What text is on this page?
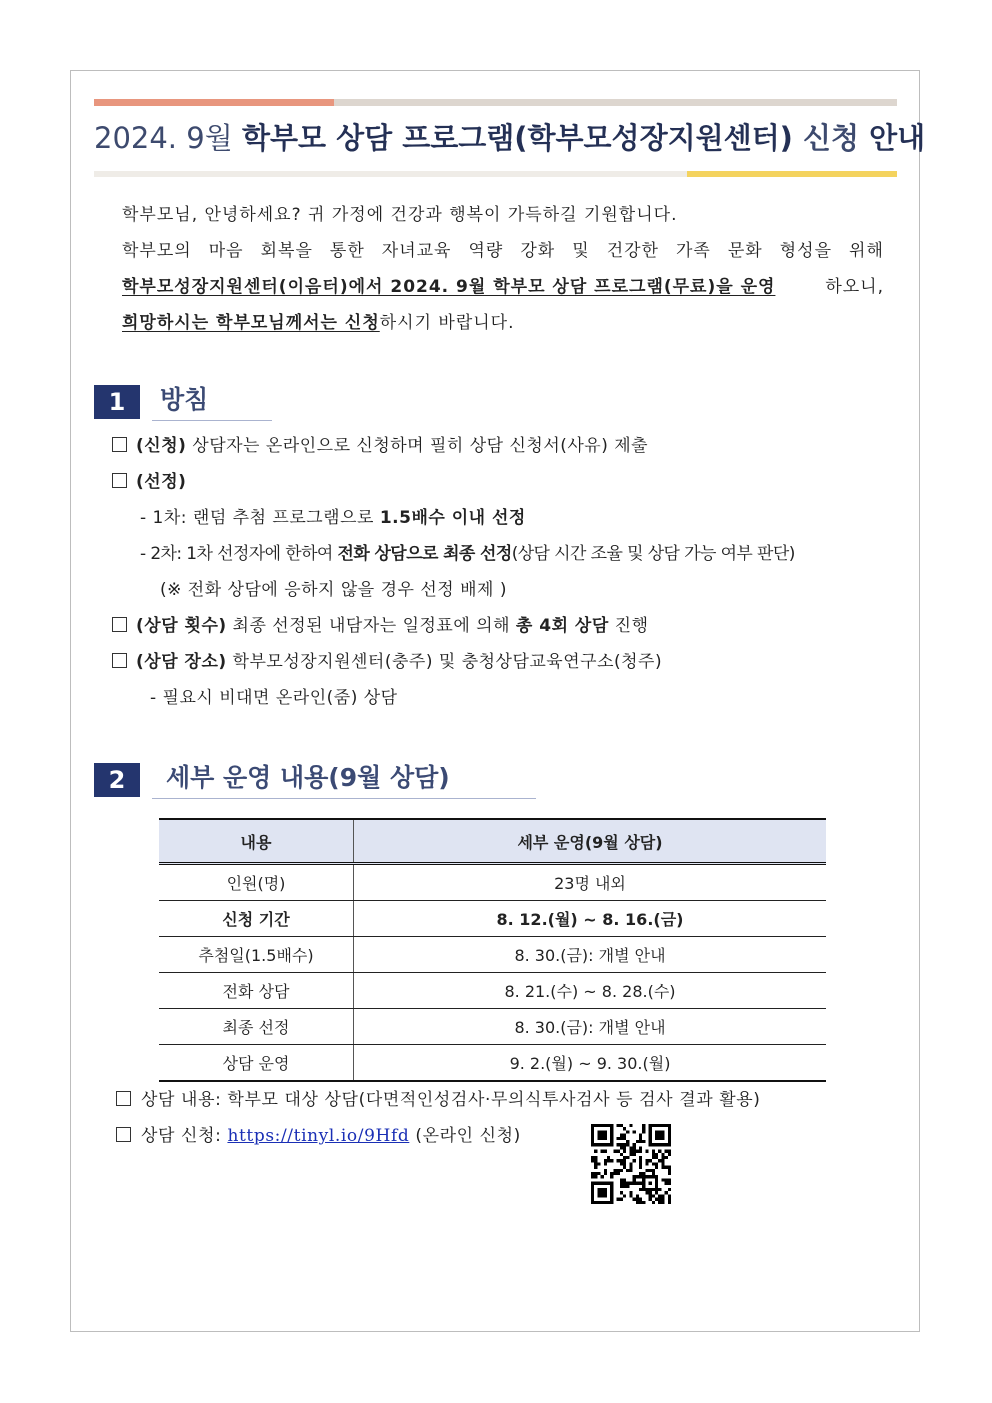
2024. 9월 학부모 상담 프로그램(학부모성장지원센터) 신청 안내
학부모님, 안녕하세요? 귀 가정에 건강과 행복이 가득하길 기원합니다.
학부모의 마음 회복을 통한 자녀교육 역량 강화 및 건강한 가족 문화 형성을 위해
학부모성장지원센터(이음터)에서 2024. 9월 학부모 상담 프로그램(무료)을 운영	하오니,
희망하시는 학부모님께서는 신청하시기 바랍니다.
1	방침
(신청) 상담자는 온라인으로 신청하며 필히 상담 신청서(사유) 제출
(선정)
- 1차: 랜덤 추첨 프로그램으로 1.5배수 이내 선정
- 2차: 1차 선정자에 한하여 전화 상담으로 최종 선정(상담 시간 조율 및 상담 가능 여부 판단)
(※ 전화 상담에 응하지 않을 경우 선정 배제 )
(상담 횟수) 최종 선정된 내담자는 일정표에 의해 총 4회 상담 진행
(상담 장소) 학부모성장지원센터(충주) 및 충청상담교육연구소(청주)
- 필요시 비대면 온라인(줌) 상담
2	세부 운영 내용(9월 상담)
내용	세부 운영(9월 상담)
인원(명)	23명 내외
신청 기간	8. 12.(월) ~ 8. 16.(금)
추첨일(1.5배수)	8. 30.(금): 개별 안내
전화 상담	8. 21.(수) ~ 8. 28.(수)
최종 선정	8. 30.(금): 개별 안내
상담 운영	9. 2.(월) ~ 9. 30.(월)
상담 내용: 학부모 대상 상담(다면적인성검사·무의식투사검사 등 검사 결과 활용)
상담 신청: https://tinyl.io/9Hfd (온라인 신청)
